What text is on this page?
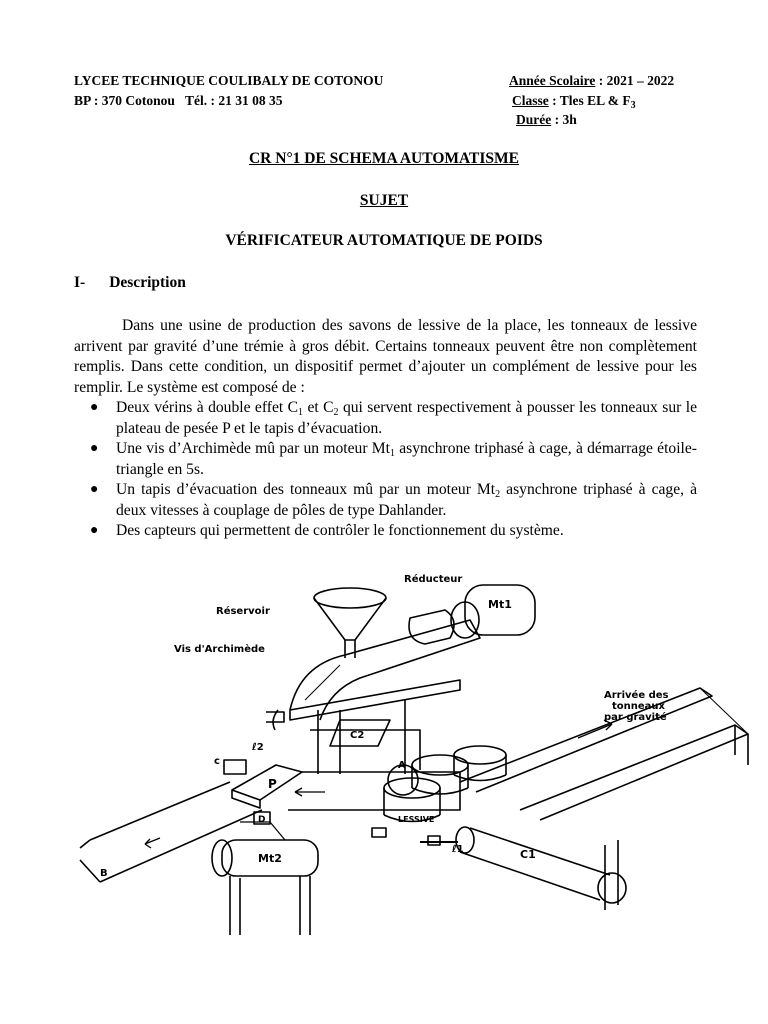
LYCEE TECHNIQUE COULIBALY DE COTONOU
BP : 370 Cotonou Tél. : 21 31 08 35
Année Scolaire : 2021 – 2022
Classe : Tles EL & $F_3$
Durée : 3h
CR N°1 DE SCHEMA AUTOMATISME
SUJET
VÉRIFICATEUR AUTOMATIQUE DE POIDS
I- Description

Dans une usine de production des savons de lessive de la place, les tonneaux de lessive arrivent par gravité d’une trémie à gros débit. Certains tonneaux peuvent être non complètement remplis. Dans cette condition, un dispositif permet d’ajouter un complément de lessive pour les remplir. Le système est composé de :

● Deux vérins à double effet $C_1$ et $C_2$ qui servent respectivement à pousser les tonneaux sur le plateau de pesée P et le tapis d’évacuation.
● Une vis d’Archimède mû par un moteur $Mt_1$ asynchrone triphasé à cage, à démarrage étoile-triangle en 5s.
● Un tapis d’évacuation des tonneaux mû par un moteur $Mt_2$ asynchrone triphasé à cage, à deux vitesses à couplage de pôles de type Dahlander.
● Des capteurs qui permettent de contrôler le fonctionnement du système.
Réducteur
Mt1
Réservoir
Vis d'Archimède
Arrivée des
tonneaux
par gravité
C2
ℓ2
c
P
A
LESSIVE
D
ℓ1	C1
Mt2
B
